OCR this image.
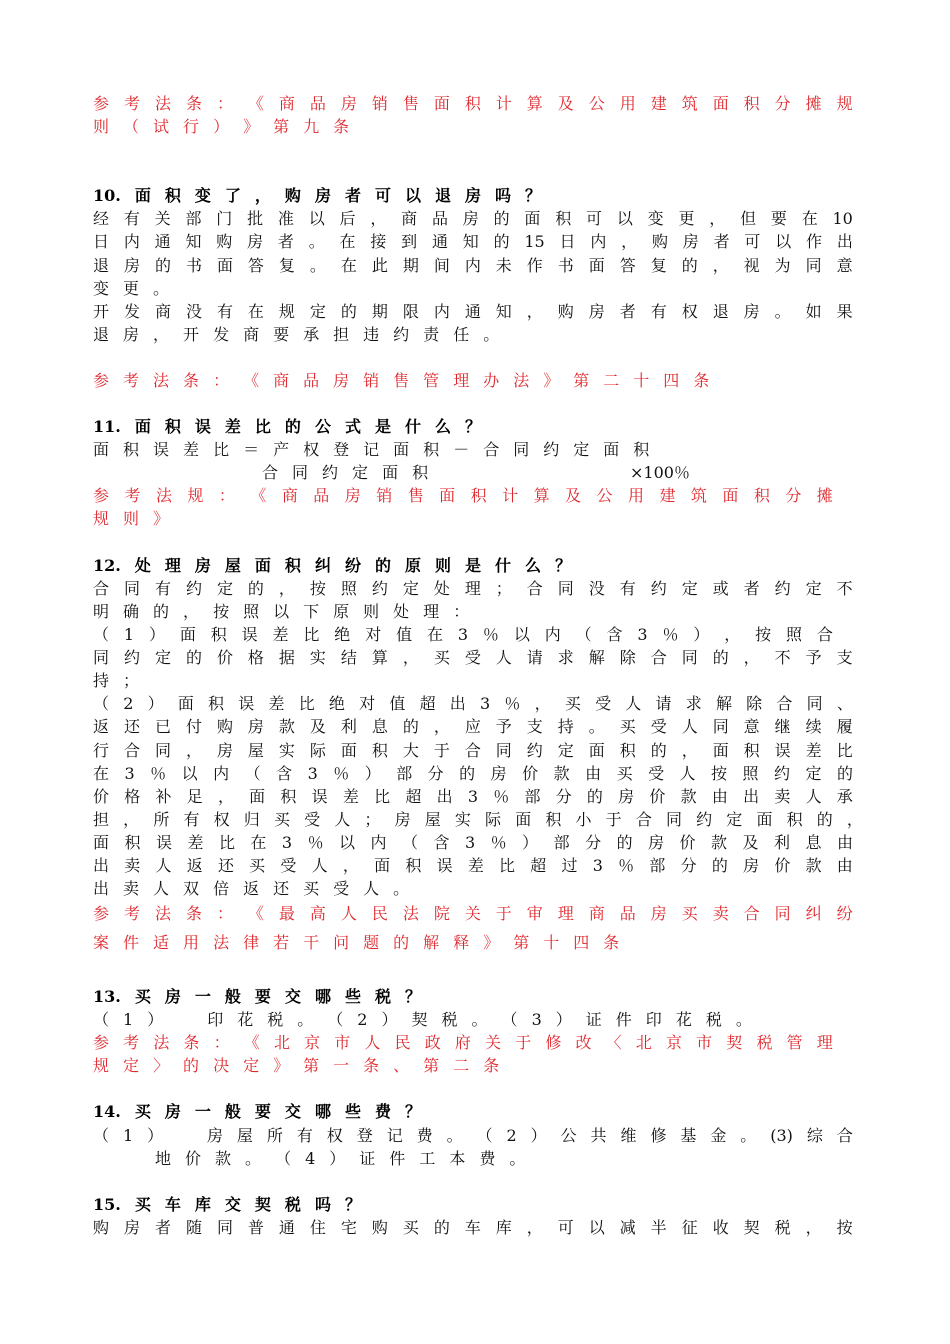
参 考 法 条 ： 《 商 品 房 销 售 面 积 计 算 及 公 用 建 筑 面 积 分 摊 规
则 （ 试 行 ） 》 第 九 条
10. 面 积 变 了 ， 购 房 者 可 以 退 房 吗 ？
经 有 关 部 门 批 准 以 后 ， 商 品 房 的 面 积 可 以 变 更 ， 但 要 在 10
日 内 通 知 购 房 者 。 在 接 到 通 知 的 15 日 内 ， 购 房 者 可 以 作 出
退 房 的 书 面 答 复 。 在 此 期 间 内 未 作 书 面 答 复 的 ， 视 为 同 意
变 更 。
开 发 商 没 有 在 规 定 的 期 限 内 通 知 ， 购 房 者 有 权 退 房 。 如 果
退 房 ， 开 发 商 要 承 担 违 约 责 任 。
参 考 法 条 ： 《 商 品 房 销 售 管 理 办 法 》 第 二 十 四 条
11. 面 积 误 差 比 的 公 式 是 什 么 ？
面 积 误 差 比 ＝ 产 权 登 记 面 积 － 合 同 约 定 面 积
合 同 约 定 面 积	×100％
参 考 法 规 ： 《 商 品 房 销 售 面 积 计 算 及 公 用 建 筑 面 积 分 摊
规 则 》
12. 处 理 房 屋 面 积 纠 纷 的 原 则 是 什 么 ？
合 同 有 约 定 的 ， 按 照 约 定 处 理 ； 合 同 没 有 约 定 或 者 约 定 不
明 确 的 ， 按 照 以 下 原 则 处 理 ：
（ 1 ） 面 积 误 差 比 绝 对 值 在 3 ％ 以 内 （ 含 3 ％ ） ， 按 照 合
同 约 定 的 价 格 据 实 结 算 ， 买 受 人 请 求 解 除 合 同 的 ， 不 予 支
持 ；
（ 2 ） 面 积 误 差 比 绝 对 值 超 出 3 ％ ， 买 受 人 请 求 解 除 合 同 、
返 还 已 付 购 房 款 及 利 息 的 ， 应 予 支 持 。 买 受 人 同 意 继 续 履
行 合 同 ， 房 屋 实 际 面 积 大 于 合 同 约 定 面 积 的 ， 面 积 误 差 比
在 3 ％ 以 内 （ 含 3 ％ ） 部 分 的 房 价 款 由 买 受 人 按 照 约 定 的
价 格 补 足 ， 面 积 误 差 比 超 出 3 ％ 部 分 的 房 价 款 由 出 卖 人 承
担 ， 所 有 权 归 买 受 人 ； 房 屋 实 际 面 积 小 于 合 同 约 定 面 积 的 ，
面 积 误 差 比 在 3 ％ 以 内 （ 含 3 ％ ） 部 分 的 房 价 款 及 利 息 由
出 卖 人 返 还 买 受 人 ， 面 积 误 差 比 超 过 3 ％ 部 分 的 房 价 款 由
出 卖 人 双 倍 返 还 买 受 人 。
参 考 法 条 ： 《 最 高 人 民 法 院 关 于 审 理 商 品 房 买 卖 合 同 纠 纷
案 件 适 用 法 律 若 干 问 题 的 解 释 》 第 十 四 条
13. 买 房 一 般 要 交 哪 些 税 ？
（ 1 ）	印 花 税 。 （ 2 ） 契 税 。 （ 3 ） 证 件 印 花 税 。
参 考 法 条 ： 《 北 京 市 人 民 政 府 关 于 修 改 〈 北 京 市 契 税 管 理
规 定 〉 的 决 定 》 第 一 条 、 第 二 条
14. 买 房 一 般 要 交 哪 些 费 ？
（ 1 ）	房 屋 所 有 权 登 记 费 。 （ 2 ） 公 共 维 修 基 金 。 (3) 综 合
地 价 款 。 （ 4 ） 证 件 工 本 费 。
15. 买 车 库 交 契 税 吗 ？
购 房 者 随 同 普 通 住 宅 购 买 的 车 库 ， 可 以 减 半 征 收 契 税 ， 按
